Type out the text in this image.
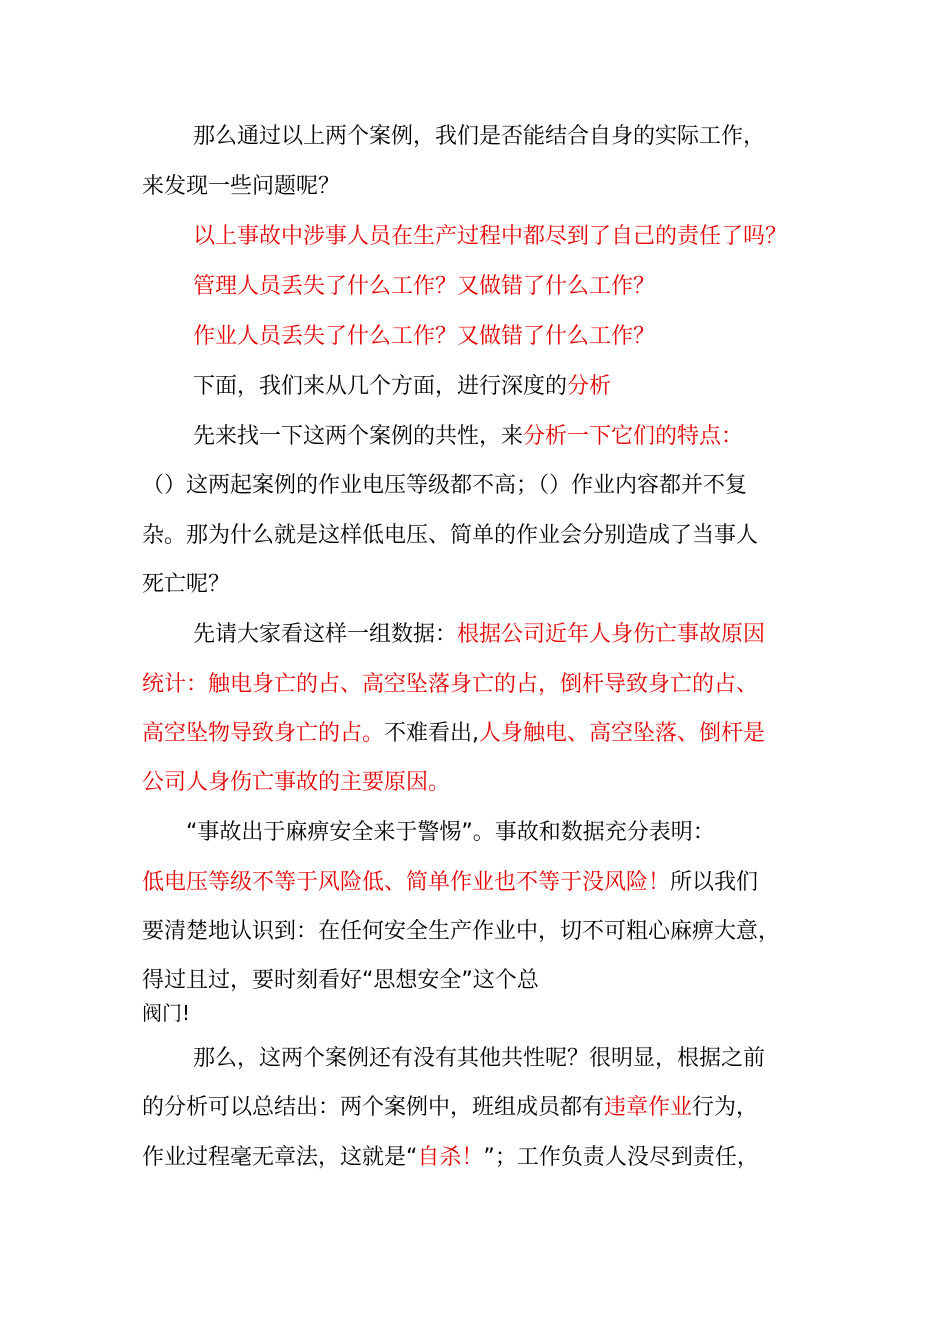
那么通过以上两个案例，我们是否能结合自身的实际工作，
来发现一些问题呢？
以上事故中涉事人员在生产过程中都尽到了自己的责任了吗？
管理人员丢失了什么工作？又做错了什么工作？
作业人员丢失了什么工作？又做错了什么工作？
下面，我们来从几个方面，进行深度的分析
先来找一下这两个案例的共性，来分析一下它们的特点：
（）这两起案例的作业电压等级都不高；（）作业内容都并不复
杂。那为什么就是这样低电压、简单的作业会分别造成了当事人
死亡呢？
先请大家看这样一组数据：根据公司近年人身伤亡事故原因
统计：触电身亡的占、高空坠落身亡的占，倒杆导致身亡的占、
高空坠物导致身亡的占。不难看出,人身触电、高空坠落、倒杆是
公司人身伤亡事故的主要原因。
“事故出于麻痹安全来于警惕”。事故和数据充分表明：
低电压等级不等于风险低、简单作业也不等于没风险！所以我们
要清楚地认识到：在任何安全生产作业中，切不可粗心麻痹大意，
得过且过，要时刻看好“思想安全”这个总
阀门!
那么，这两个案例还有没有其他共性呢？很明显，根据之前
的分析可以总结出：两个案例中，班组成员都有违章作业行为，
作业过程毫无章法，这就是“自杀！”；工作负责人没尽到责任，
